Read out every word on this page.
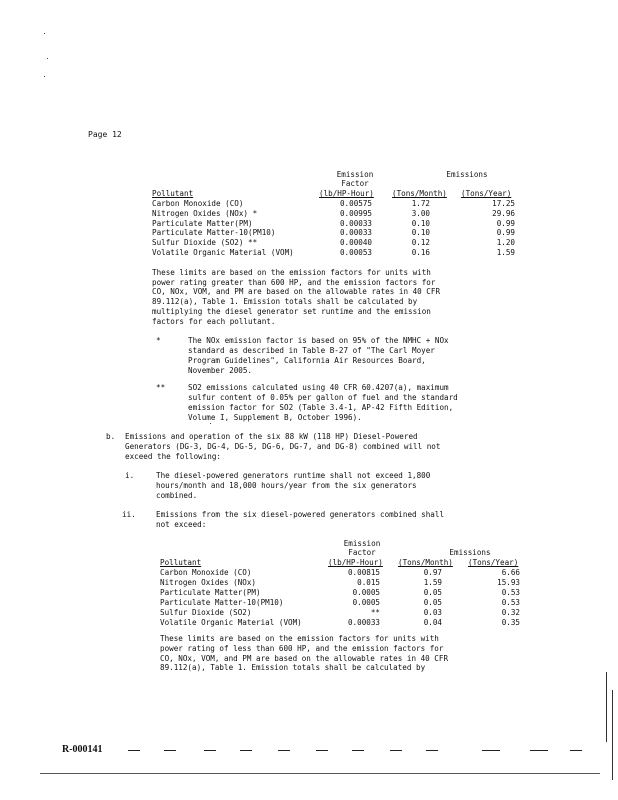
Page 12
Emission
Factor
Emissions
Pollutant	(lb/HP-Hour) (Tons/Month) (Tons/Year)
Carbon Monoxide (CO)	0.00575	1.72	17.25
Nitrogen Oxides (NOx) *	0.00995	3.00	29.96
Particulate Matter(PM)	0.00033	0.10	0.99
Particulate Matter-10(PM10)	0.00033	0.10	0.99
Sulfur Dioxide (SO2) **	0.00040	0.12	1.20
Volatile Organic Material (VOM)	0.00053	0.16	1.59
These limits are based on the emission factors for units with
power rating greater than 600 HP, and the emission factors for
CO, NOx, VOM, and PM are based on the allowable rates in 40 CFR
89.112(a), Table 1. Emission totals shall be calculated by
multiplying the diesel generator set runtime and the emission
factors for each pollutant.
*	The NOx emission factor is based on 95% of the NMHC + NOx
standard as described in Table B-27 of "The Carl Moyer
Program Guidelines", California Air Resources Board,
November 2005.
**	SO2 emissions calculated using 40 CFR 60.4207(a), maximum
sulfur content of 0.05% per gallon of fuel and the standard
emission factor for SO2 (Table 3.4-1, AP-42 Fifth Edition,
Volume I, Supplement B, October 1996).
b. Emissions and operation of the six 88 kW (118 HP) Diesel-Powered
Generators (DG-3, DG-4, DG-5, DG-6, DG-7, and DG-8) combined will not
exceed the following:
i.	The diesel-powered generators runtime shall not exceed 1,800
hours/month and 18,000 hours/year from the six generators
combined.
ii.	Emissions from the six diesel-powered generators combined shall
not exceed:
Emission
Factor	Emissions
Pollutant	(lb/HP-Hour) (Tons/Month) (Tons/Year)
Carbon Monoxide (CO)	0.00815	0.97	6.66
Nitrogen Oxides (NOx)	0.015	1.59	15.93
Particulate Matter(PM)	0.0005	0.05	0.53
Particulate Matter-10(PM10)	0.0005	0.05	0.53
Sulfur Dioxide (SO2)	**	0.03	0.32
Volatile Organic Material (VOM)	0.00033	0.04	0.35
These limits are based on the emission factors for units with
power rating of less than 600 HP, and the emission factors for
CO, NOx, VOM, and PM are based on the allowable rates in 40 CFR
89.112(a), Table 1. Emission totals shall be calculated by
R-000141
